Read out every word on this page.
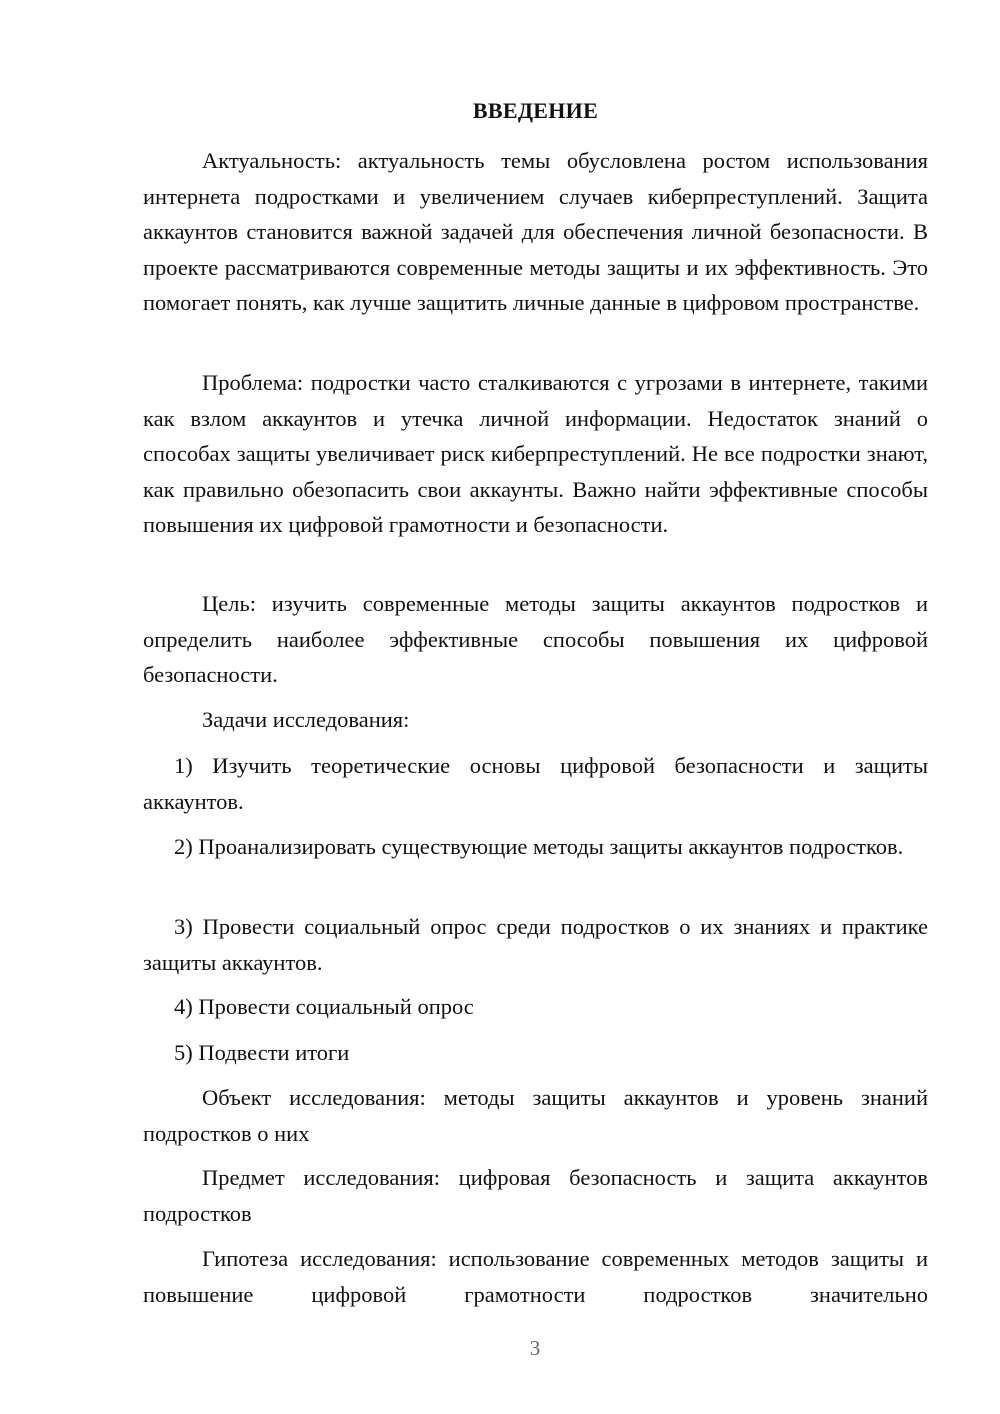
ВВЕДЕНИЕ

Актуальность: актуальность темы обусловлена ростом использования интернета подростками и увеличением случаев киберпреступлений. Защита аккаунтов становится важной задачей для обеспечения личной безопасности. В проекте рассматриваются современные методы защиты и их эффективность. Это помогает понять, как лучше защитить личные данные в цифровом пространстве.

Проблема: подростки часто сталкиваются с угрозами в интернете, такими как взлом аккаунтов и утечка личной информации. Недостаток знаний о способах защиты увеличивает риск киберпреступлений. Не все подростки знают, как правильно обезопасить свои аккаунты. Важно найти эффективные способы повышения их цифровой грамотности и безопасности.

Цель: изучить современные методы защиты аккаунтов подростков и определить наиболее эффективные способы повышения их цифровой безопасности.

Задачи исследования:

1) Изучить теоретические основы цифровой безопасности и защиты аккаунтов.

2) Проанализировать существующие методы защиты аккаунтов подростков.

3) Провести социальный опрос среди подростков о их знаниях и практике защиты аккаунтов.

4) Провести социальный опрос

5) Подвести итоги

Объект исследования: методы защиты аккаунтов и уровень знаний подростков о них

Предмет исследования: цифровая безопасность и защита аккаунтов подростков

Гипотеза исследования: использование современных методов защиты и повышение цифровой грамотности подростков значительно

3
